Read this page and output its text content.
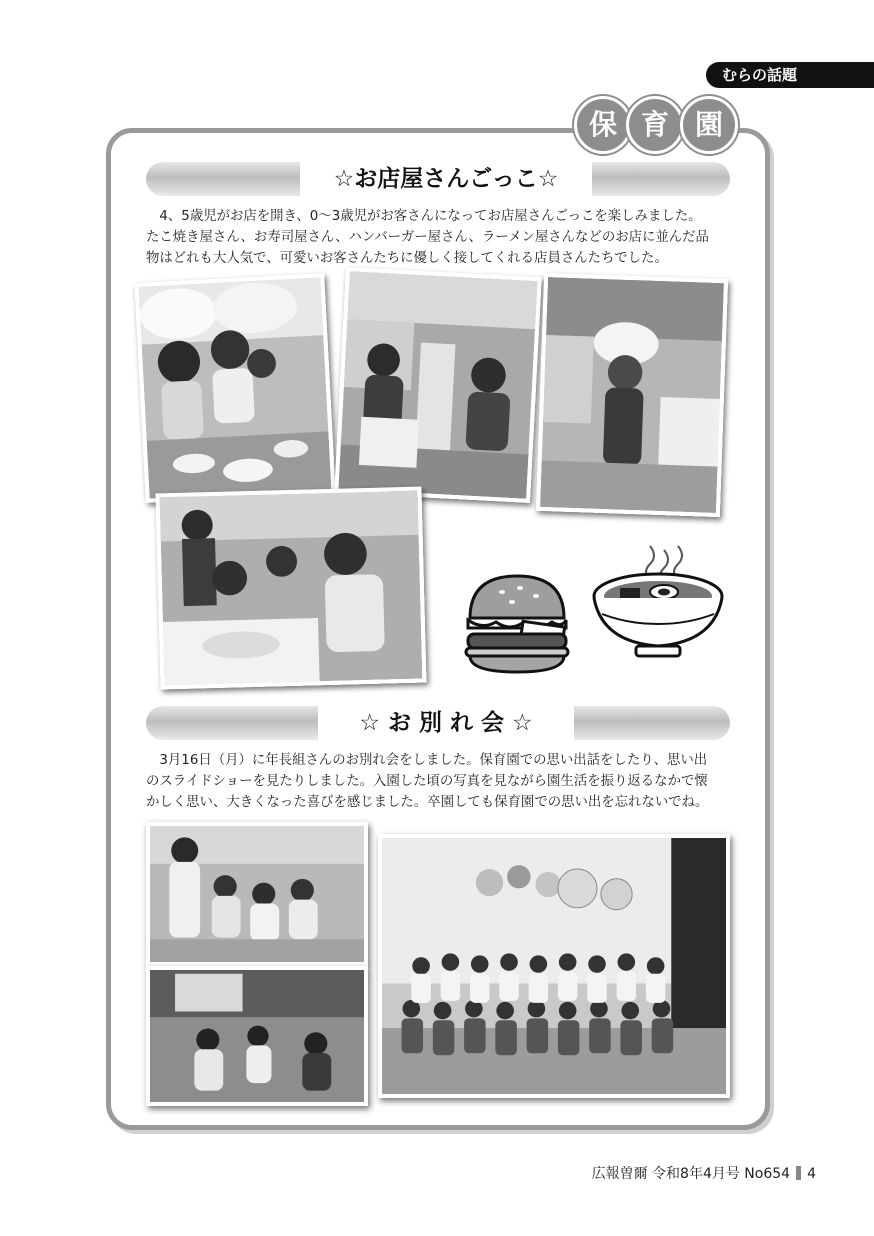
むらの話題
保 育 園
☆お店屋さんごっこ☆
　4、5歳児がお店を開き、0～3歳児がお客さんになってお店屋さんごっこを楽しみました。
たこ焼き屋さん、お寿司屋さん、ハンバーガー屋さん、ラーメン屋さんなどのお店に並んだ品
物はどれも大人気で、可愛いお客さんたちに優しく接してくれる店員さんたちでした。
☆ お 別 れ 会 ☆
　3月16日（月）に年長組さんのお別れ会をしました。保育園での思い出話をしたり、思い出
のスライドショーを見たりしました。入園した頃の写真を見ながら園生活を振り返るなかで懐
かしく思い、大きくなった喜びを感じました。卒園しても保育園での思い出を忘れないでね。
広報曽爾 令和8年4月号 No654 4
